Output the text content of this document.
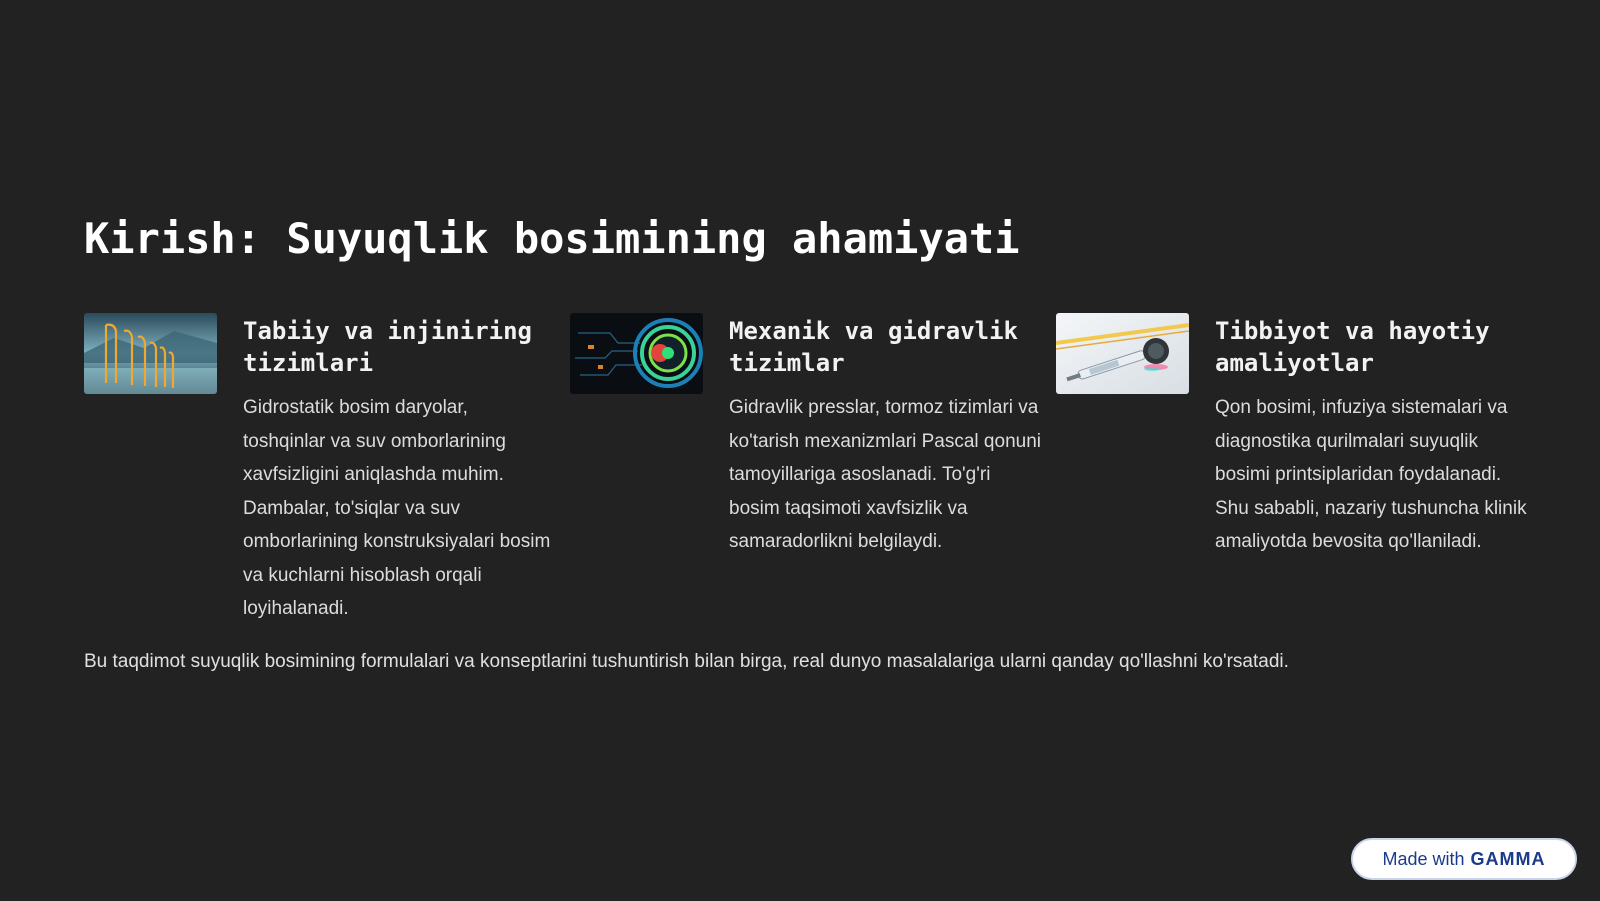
Kirish: Suyuqlik bosimining ahamiyati
Tabiiy va injiniring tizimlari

Gidrostatik bosim daryolar, toshqinlar va suv omborlarining xavfsizligini aniqlashda muhim. Dambalar, to'siqlar va suv omborlarining konstruksiyalari bosim va kuchlarni hisoblash orqali loyihalanadi.

Mexanik va gidravlik tizimlar

Gidravlik presslar, tormoz tizimlari va ko'tarish mexanizmlari Pascal qonuni tamoyillariga asoslanadi. To'g'ri bosim taqsimoti xavfsizlik va samaradorlikni belgilaydi.

Tibbiyot va hayotiy amaliyotlar

Qon bosimi, infuziya sistemalari va diagnostika qurilmalari suyuqlik bosimi printsiplaridan foydalanadi. Shu sababli, nazariy tushuncha klinik amaliyotda bevosita qo'llaniladi.

Bu taqdimot suyuqlik bosimining formulalari va konseptlarini tushuntirish bilan birga, real dunyo masalalariga ularni qanday qo'llashni ko'rsatadi.

Made with GAMMA
